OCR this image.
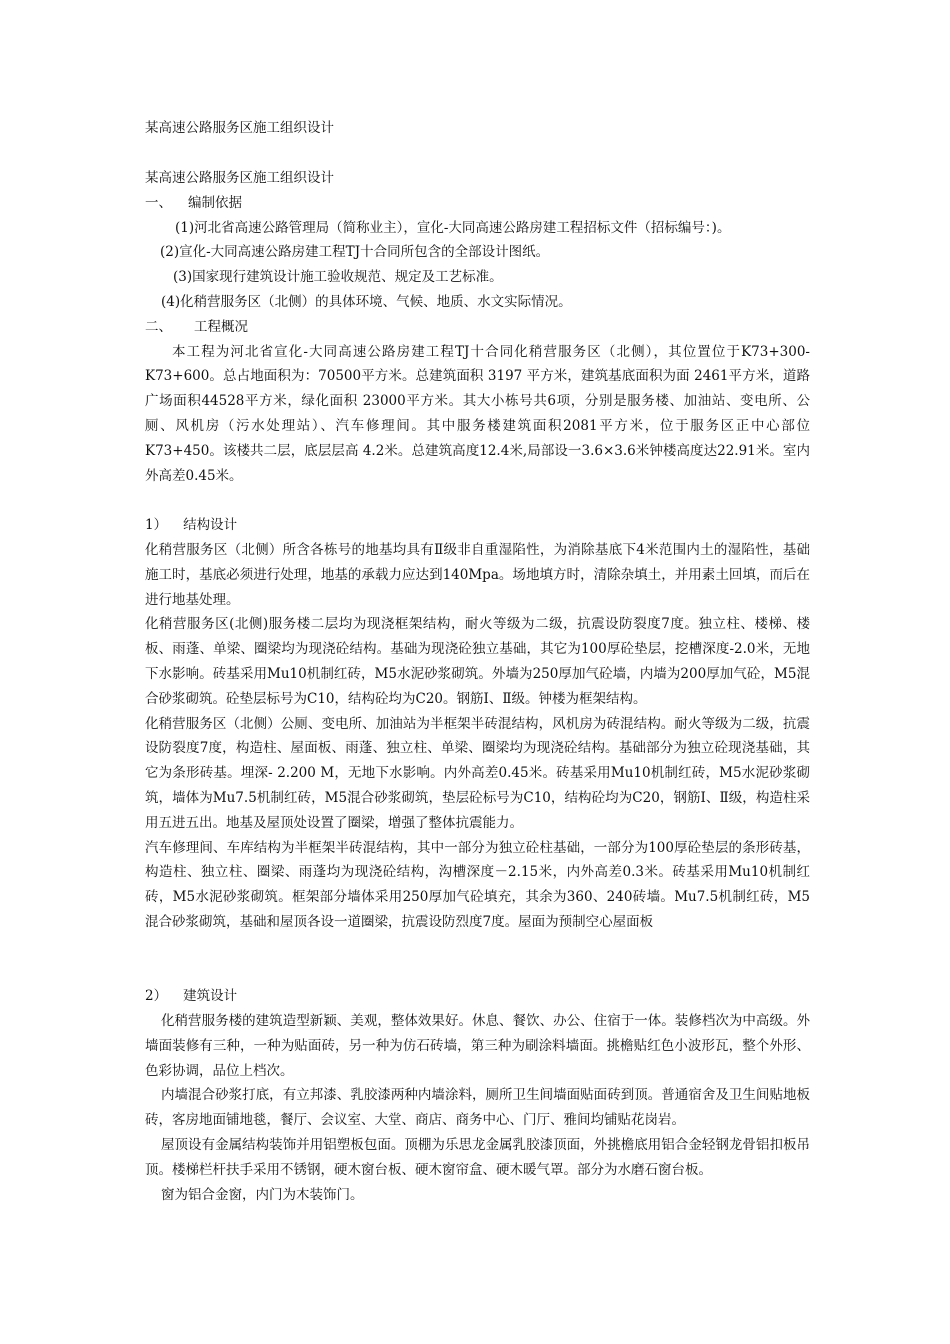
某高速公路服务区施工组织设计

某高速公路服务区施工组织设计

一、 编制依据

(1)河北省高速公路管理局（简称业主），宣化-大同高速公路房建工程招标文件（招标编号：)。

(2)宣化-大同高速公路房建工程TJ十合同所包含的全部设计图纸。

(3)国家现行建筑设计施工验收规范、规定及工艺标准。

(4)化稍营服务区（北侧）的具体环境、气候、地质、水文实际情况。

二、 工程概况

本工程为河北省宣化-大同高速公路房建工程TJ十合同化稍营服务区（北侧），其位置位于K73+300-K73+600。总占地面积为：70500平方米。总建筑面积 3197 平方米，建筑基底面积为面 2461平方米，道路广场面积44528平方米，绿化面积 23000平方米。其大小栋号共6项，分别是服务楼、加油站、变电所、公厕、风机房（污水处理站）、汽车修理间。其中服务楼建筑面积2081平方米，位于服务区正中心部位K73+450。该楼共二层，底层层高 4.2米。总建筑高度12.4米,局部设一3.6×3.6米钟楼高度达22.91米。室内外高差0.45米。

1） 结构设计

化稍营服务区（北侧）所含各栋号的地基均具有Ⅱ级非自重湿陷性，为消除基底下4米范围内土的湿陷性，基础施工时，基底必须进行处理，地基的承载力应达到140Mpa。场地填方时，清除杂填土，并用素土回填，而后在进行地基处理。

化稍营服务区(北侧)服务楼二层均为现浇框架结构，耐火等级为二级，抗震设防裂度7度。独立柱、楼梯、楼板、雨蓬、单梁、圈梁均为现浇砼结构。基础为现浇砼独立基础，其它为100厚砼垫层，挖槽深度-2.0米，无地下水影响。砖基采用Mu10机制红砖，M5水泥砂浆砌筑。外墙为250厚加气砼墙，内墙为200厚加气砼，M5混合砂浆砌筑。砼垫层标号为C10，结构砼均为C20。钢筋Ⅰ、Ⅱ级。钟楼为框架结构。

化稍营服务区（北侧）公厕、变电所、加油站为半框架半砖混结构，风机房为砖混结构。耐火等级为二级，抗震设防裂度7度，构造柱、屋面板、雨蓬、独立柱、单梁、圈梁均为现浇砼结构。基础部分为独立砼现浇基础，其它为条形砖基。埋深- 2.200 M，无地下水影响。内外高差0.45米。砖基采用Mu10机制红砖，M5水泥砂浆砌筑，墙体为Mu7.5机制红砖，M5混合砂浆砌筑，垫层砼标号为C10，结构砼均为C20，钢筋Ⅰ、Ⅱ级，构造柱采用五进五出。地基及屋顶处设置了圈梁，增强了整体抗震能力。

汽车修理间、车库结构为半框架半砖混结构，其中一部分为独立砼柱基础，一部分为100厚砼垫层的条形砖基，构造柱、独立柱、圈梁、雨蓬均为现浇砼结构，沟槽深度－2.15米，内外高差0.3米。砖基采用Mu10机制红砖，M5水泥砂浆砌筑。框架部分墙体采用250厚加气砼填充，其余为360、240砖墙。Mu7.5机制红砖，M5混合砂浆砌筑，基础和屋顶各设一道圈梁，抗震设防烈度7度。屋面为预制空心屋面板

2） 建筑设计

化稍营服务楼的建筑造型新颖、美观，整体效果好。休息、餐饮、办公、住宿于一体。装修档次为中高级。外墙面装修有三种，一种为贴面砖，另一种为仿石砖墙，第三种为刷涂料墙面。挑檐贴红色小波形瓦，整个外形、色彩协调，品位上档次。

内墙混合砂浆打底，有立邦漆、乳胶漆两种内墙涂料，厕所卫生间墙面贴面砖到顶。普通宿舍及卫生间贴地板砖，客房地面铺地毯，餐厅、会议室、大堂、商店、商务中心、门厅、雅间均铺贴花岗岩。

屋顶设有金属结构装饰并用铝塑板包面。顶棚为乐思龙金属乳胶漆顶面，外挑檐底用铝合金轻钢龙骨铝扣板吊顶。楼梯栏杆扶手采用不锈钢，硬木窗台板、硬木窗帘盒、硬木暖气罩。部分为水磨石窗台板。

窗为铝合金窗，内门为木装饰门。
